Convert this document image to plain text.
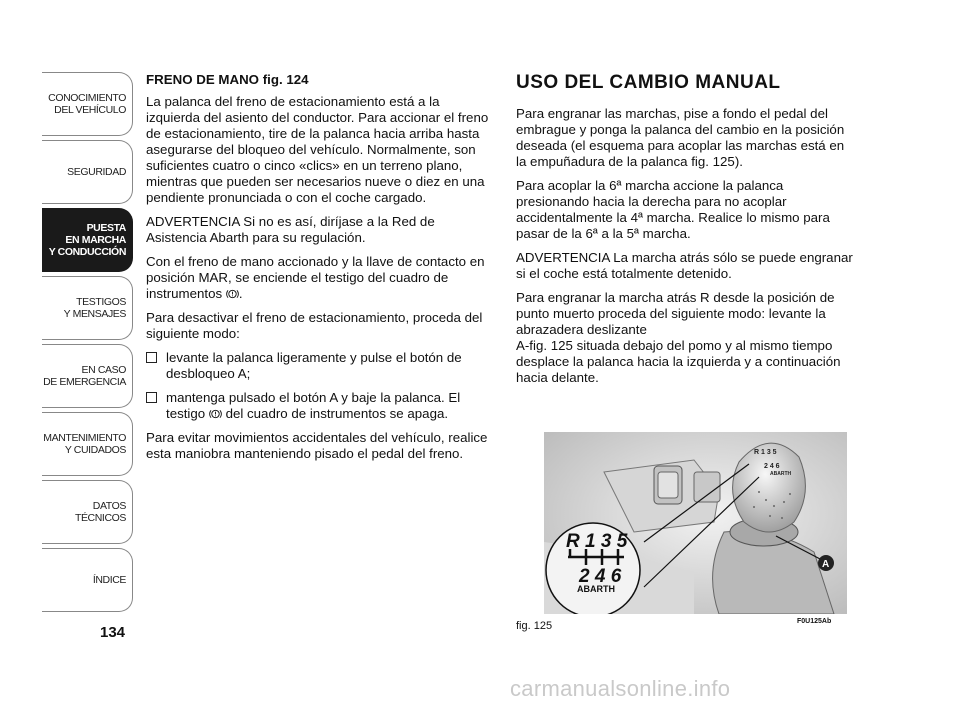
CONOCIMIENTO
DEL VEHÍCULO
SEGURIDAD
PUESTA
EN MARCHA
Y CONDUCCIÓN
TESTIGOS
Y MENSAJES
EN CASO
DE EMERGENCIA
MANTENIMIENTO
Y CUIDADOS
DATOS TÉCNICOS
ÍNDICE
134

FRENO DE MANO fig. 124

La palanca del freno de estacionamiento está a la izquierda del asiento del conductor. Para accionar el freno de estacionamiento, tire de la palanca hacia arriba hasta asegurarse del bloqueo del vehículo. Normalmente, son suficientes cuatro o cinco «clics» en un terreno plano, mientras que pueden ser necesarios nueve o diez en una pendiente pronunciada o con el coche cargado.

ADVERTENCIA Si no es así, diríjase a la Red de Asistencia Abarth para su regulación.

Con el freno de mano accionado y la llave de contacto en posición MAR, se enciende el testigo del cuadro de instrumentos .

Para desactivar el freno de estacionamiento, proceda del siguiente modo:

levante la palanca ligeramente y pulse el botón de desbloqueo A;

mantenga pulsado el botón A y baje la palanca. El testigo  del cuadro de instrumentos se apaga.

Para evitar movimientos accidentales del vehículo, realice esta maniobra manteniendo pisado el pedal del freno.

USO DEL CAMBIO MANUAL

Para engranar las marchas, pise a fondo el pedal del embrague y ponga la palanca del cambio en la posición deseada (el esquema para acoplar las marchas está en la empuñadura de la palanca fig. 125).

Para acoplar la 6ª marcha accione la palanca presionando hacia la derecha para no acoplar accidentalmente la 4ª marcha. Realice lo mismo para pasar de la 6ª a la 5ª marcha.

ADVERTENCIA La marcha atrás sólo se puede engranar si el coche está totalmente detenido.

Para engranar la marcha atrás R desde la posición de punto muerto proceda del siguiente modo: levante la abrazadera deslizante
A-fig. 125 situada debajo del pomo y al mismo tiempo desplace la palanca hacia la izquierda y a continuación hacia delante.

R 1 3 5
2 4 6
ABARTH
R 1 3 5
2 4 6
ABARTH
A
fig. 125	F0U125Ab
carmanualsonline.info
